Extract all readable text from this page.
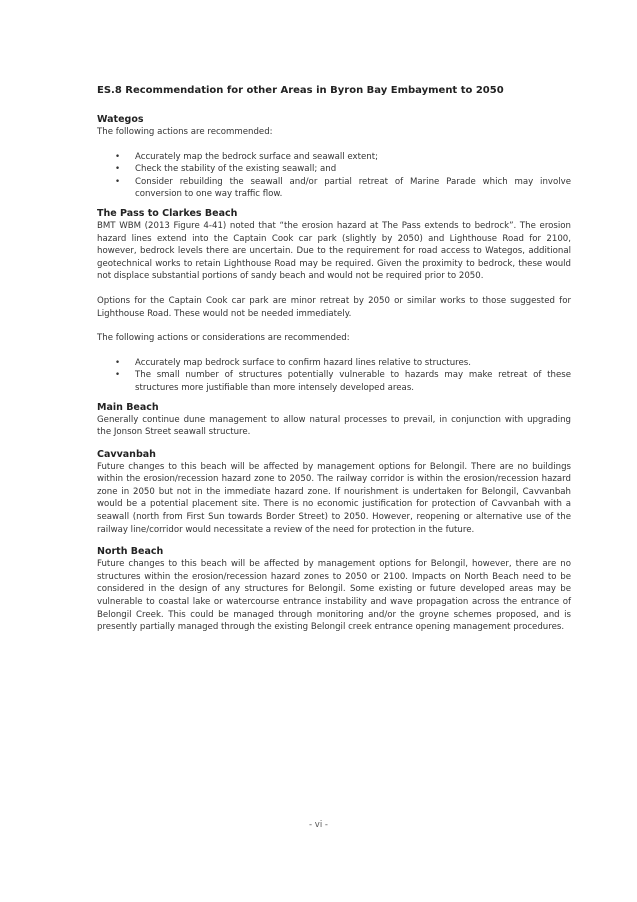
ES.8 Recommendation for other Areas in Byron Bay Embayment to 2050
Wategos

The following actions are recommended:

• Accurately map the bedrock surface and seawall extent;
• Check the stability of the existing seawall; and
• Consider rebuilding the seawall and/or partial retreat of Marine Parade which may involve conversion to one way traffic flow.
The Pass to Clarkes Beach

BMT WBM (2013 Figure 4-41) noted that “the erosion hazard at The Pass extends to bedrock”. The erosion hazard lines extend into the Captain Cook car park (slightly by 2050) and Lighthouse Road for 2100, however, bedrock levels there are uncertain. Due to the requirement for road access to Wategos, additional geotechnical works to retain Lighthouse Road may be required. Given the proximity to bedrock, these would not displace substantial portions of sandy beach and would not be required prior to 2050.

Options for the Captain Cook car park are minor retreat by 2050 or similar works to those suggested for Lighthouse Road. These would not be needed immediately.

The following actions or considerations are recommended:

• Accurately map bedrock surface to confirm hazard lines relative to structures.
• The small number of structures potentially vulnerable to hazards may make retreat of these structures more justifiable than more intensely developed areas.
Main Beach

Generally continue dune management to allow natural processes to prevail, in conjunction with upgrading the Jonson Street seawall structure.

Cavvanbah

Future changes to this beach will be affected by management options for Belongil. There are no buildings within the erosion/recession hazard zone to 2050. The railway corridor is within the erosion/recession hazard zone in 2050 but not in the immediate hazard zone. If nourishment is undertaken for Belongil, Cavvanbah would be a potential placement site. There is no economic justification for protection of Cavvanbah with a seawall (north from First Sun towards Border Street) to 2050. However, reopening or alternative use of the railway line/corridor would necessitate a review of the need for protection in the future.

North Beach

Future changes to this beach will be affected by management options for Belongil, however, there are no structures within the erosion/recession hazard zones to 2050 or 2100. Impacts on North Beach need to be considered in the design of any structures for Belongil. Some existing or future developed areas may be vulnerable to coastal lake or watercourse entrance instability and wave propagation across the entrance of Belongil Creek. This could be managed through monitoring and/or the groyne schemes proposed, and is presently partially managed through the existing Belongil creek entrance opening management procedures.

- vi -
